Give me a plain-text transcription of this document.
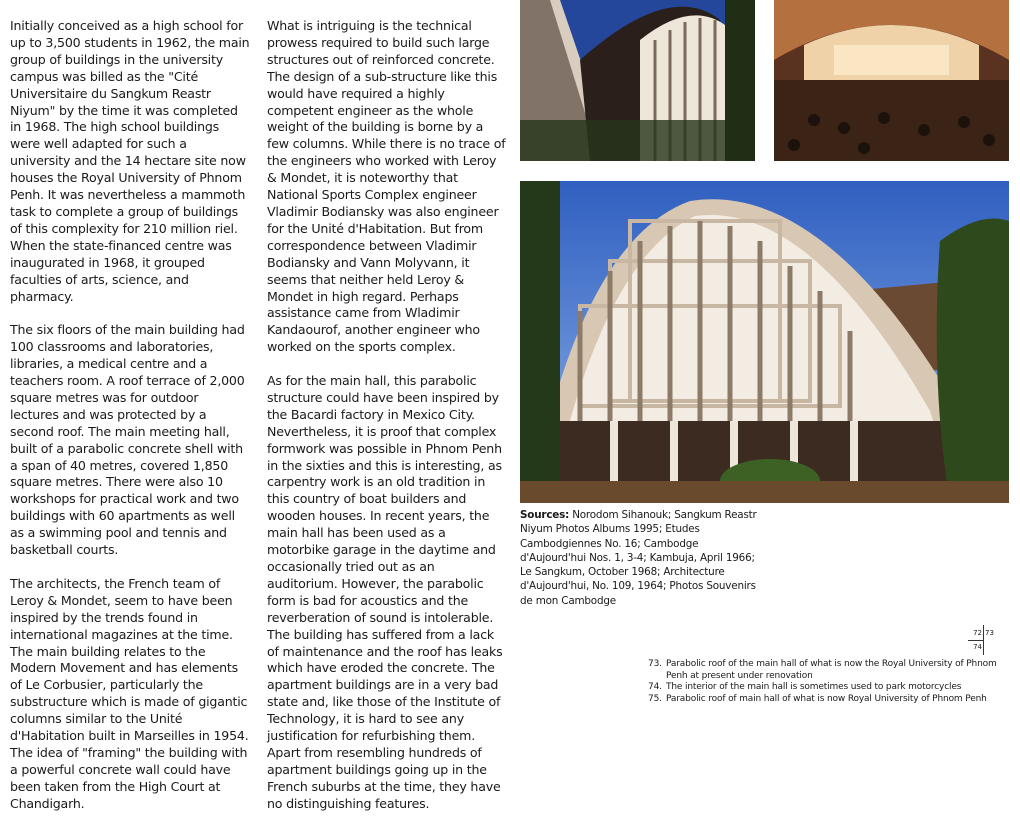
Initially conceived as a high school for up to 3,500 students in 1962, the main group of buildings in the university campus was billed as the "Cité Universitaire du Sangkum Reastr Niyum" by the time it was completed in 1968. The high school buildings were well adapted for such a university and the 14 hectare site now houses the Royal University of Phnom Penh. It was nevertheless a mammoth task to complete a group of buildings of this complexity for 210 million riel. When the state-financed centre was inaugurated in 1968, it grouped faculties of arts, science, and pharmacy.

The six floors of the main building had 100 classrooms and laboratories, libraries, a medical centre and a teachers room. A roof terrace of 2,000 square metres was for outdoor lectures and was protected by a second roof. The main meeting hall, built of a parabolic concrete shell with a span of 40 metres, covered 1,850 square metres. There were also 10 workshops for practical work and two buildings with 60 apartments as well as a swimming pool and tennis and basketball courts.

The architects, the French team of Leroy & Mondet, seem to have been inspired by the trends found in international magazines at the time. The main building relates to the Modern Movement and has elements of Le Corbusier, particularly the substructure which is made of gigantic columns similar to the Unité d'Habitation built in Marseilles in 1954. The idea of "framing" the building with a powerful concrete wall could have been taken from the High Court at Chandigarh.

What is intriguing is the technical prowess required to build such large structures out of reinforced concrete. The design of a sub-structure like this would have required a highly competent engineer as the whole weight of the building is borne by a few columns. While there is no trace of the engineers who worked with Leroy & Mondet, it is noteworthy that National Sports Complex engineer Vladimir Bodiansky was also engineer for the Unité d'Habitation. But from correspondence between Vladimir Bodiansky and Vann Molyvann, it seems that neither held Leroy & Mondet in high regard. Perhaps assistance came from Wladimir Kandaourof, another engineer who worked on the sports complex.

As for the main hall, this parabolic structure could have been inspired by the Bacardi factory in Mexico City. Nevertheless, it is proof that complex formwork was possible in Phnom Penh in the sixties and this is interesting, as carpentry work is an old tradition in this country of boat builders and wooden houses. In recent years, the main hall has been used as a motorbike garage in the daytime and occasionally tried out as an auditorium. However, the parabolic form is bad for acoustics and the reverberation of sound is intolerable. The building has suffered from a lack of maintenance and the roof has leaks which have eroded the concrete. The apartment buildings are in a very bad state and, like those of the Institute of Technology, it is hard to see any justification for refurbishing them. Apart from resembling hundreds of apartment buildings going up in the French suburbs at the time, they have no distinguishing features.

Sources: Norodom Sihanouk; Sangkum Reastr Niyum Photos Albums 1995; Etudes Cambodgiennes No. 16; Cambodge d'Aujourd'hui Nos. 1, 3-4; Kambuja, April 1966; Le Sangkum, October 1968; Architecture d'Aujourd'hui, No. 109, 1964; Photos Souvenirs de mon Cambodge
72 73
74
73. Parabolic roof of the main hall of what is now the Royal University of Phnom Penh at present under renovation
74. The interior of the main hall is sometimes used to park motorcycles
75. Parabolic roof of main hall of what is now Royal University of Phnom Penh
